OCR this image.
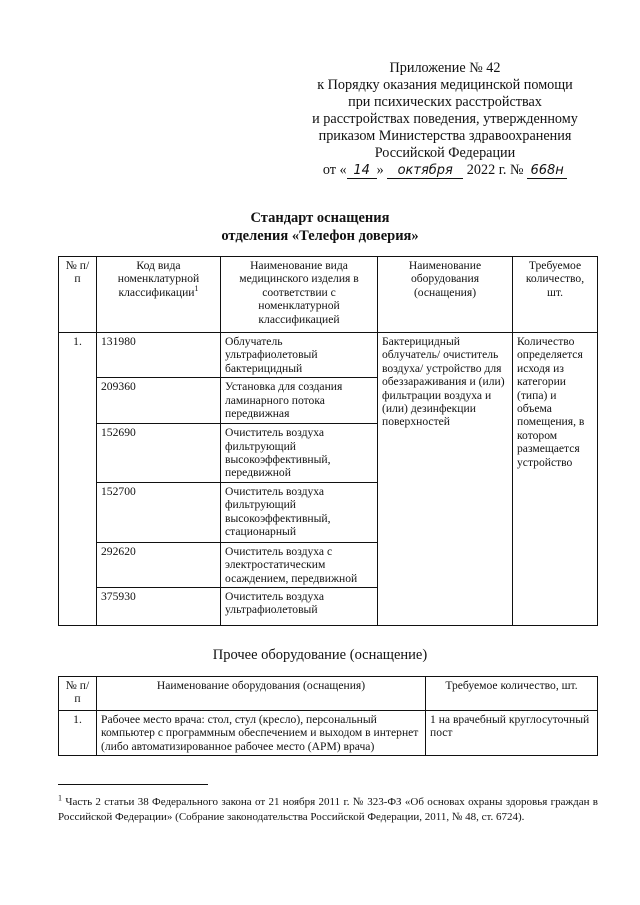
Приложение № 42
к Порядку оказания медицинской помощи
при психических расстройствах
и расстройствах поведения, утвержденному
приказом Министерства здравоохранения
Российской Федерации
от « 14 » октября 2022 г. № 668н
Стандарт оснащения
отделения «Телефон доверия»
№ п/п	Код вида номенклатурной классификации$^1$	Наименование вида медицинского изделия в соответствии с номенклатурной классификацией	Наименование оборудования (оснащения)	Требуемое количество, шт.
1.	131980	Облучатель ультрафиолетовый бактерицидный	Бактерицидный облучатель/ очиститель воздуха/ устройство для обеззараживания и (или) фильтрации воздуха и (или) дезинфекции поверхностей	Количество определяется исходя из категории (типа) и объема помещения, в котором размещается устройство
	209360	Установка для создания ламинарного потока передвижная		
	152690	Очиститель воздуха фильтрующий высокоэффективный, передвижной		
	152700	Очиститель воздуха фильтрующий высокоэффективный, стационарный		
	292620	Очиститель воздуха с электростатическим осаждением, передвижной		
	375930	Очиститель воздуха ультрафиолетовый		
Прочее оборудование (оснащение)
№ п/п	Наименование оборудования (оснащения)	Требуемое количество, шт.
1.	Рабочее место врача: стол, стул (кресло), персональный компьютер с программным обеспечением и выходом в интернет (либо автоматизированное рабочее место (АРМ) врача)	1 на врачебный круглосуточный пост
$^1$ Часть 2 статьи 38 Федерального закона от 21 ноября 2011 г. № 323-ФЗ «Об основах охраны здоровья граждан в Российской Федерации» (Собрание законодательства Российской Федерации, 2011, № 48, ст. 6724).
